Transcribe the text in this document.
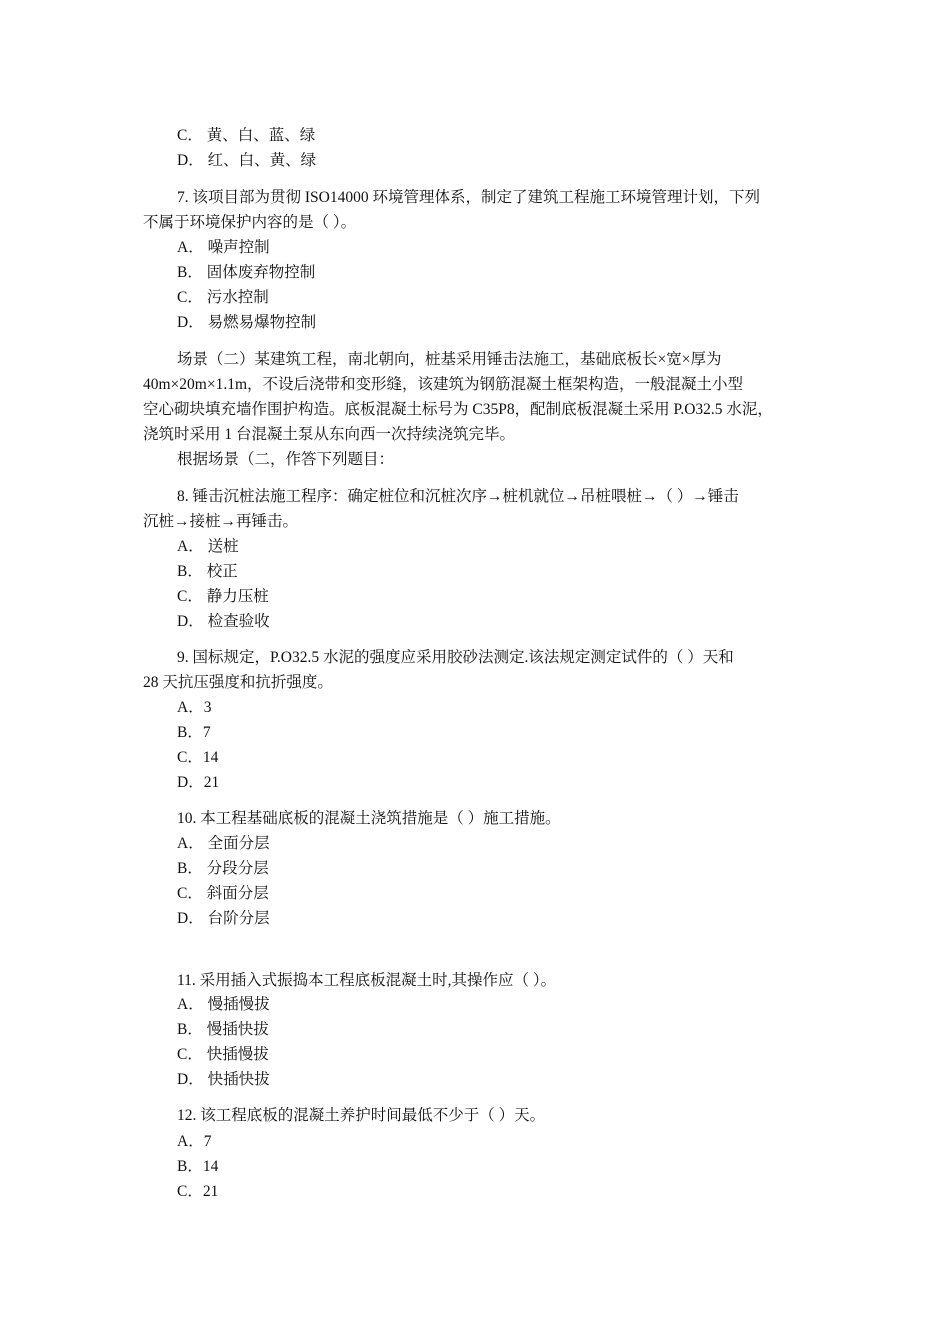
C． 黄、白、蓝、绿
D． 红、白、黄、绿
7. 该项目部为贯彻 ISO14000 环境管理体系，制定了建筑工程施工环境管理计划，下列
不属于环境保护内容的是（ ）。
A． 噪声控制
B． 固体废弃物控制
C． 污水控制
D． 易燃易爆物控制
场景（二）某建筑工程，南北朝向，桩基采用锤击法施工，基础底板长×宽×厚为
40m×20m×1.1m，不设后浇带和变形缝，该建筑为钢筋混凝土框架构造，一般混凝土小型
空心砌块填充墙作围护构造。底板混凝土标号为 C35P8，配制底板混凝土采用 P.O32.5 水泥，
浇筑时采用 1 台混凝土泵从东向西一次持续浇筑完毕。
根据场景（二，作答下列题目：
8. 锤击沉桩法施工程序：确定桩位和沉桩次序→桩机就位→吊桩喂桩→（ ）→锤击
沉桩→接桩→再锤击。
A． 送桩
B． 校正
C． 静力压桩
D． 检查验收
9. 国标规定，P.O32.5 水泥的强度应采用胶砂法测定.该法规定测定试件的（ ）天和
28 天抗压强度和抗折强度。
A．3
B．7
C．14
D．21
10. 本工程基础底板的混凝土浇筑措施是（ ）施工措施。
A． 全面分层
B． 分段分层
C． 斜面分层
D． 台阶分层
11. 采用插入式振捣本工程底板混凝土时,其操作应（ ）。
A． 慢插慢拔
B． 慢插快拔
C． 快插慢拔
D． 快插快拔
12. 该工程底板的混凝土养护时间最低不少于（ ）天。
A．7
B．14
C．21
